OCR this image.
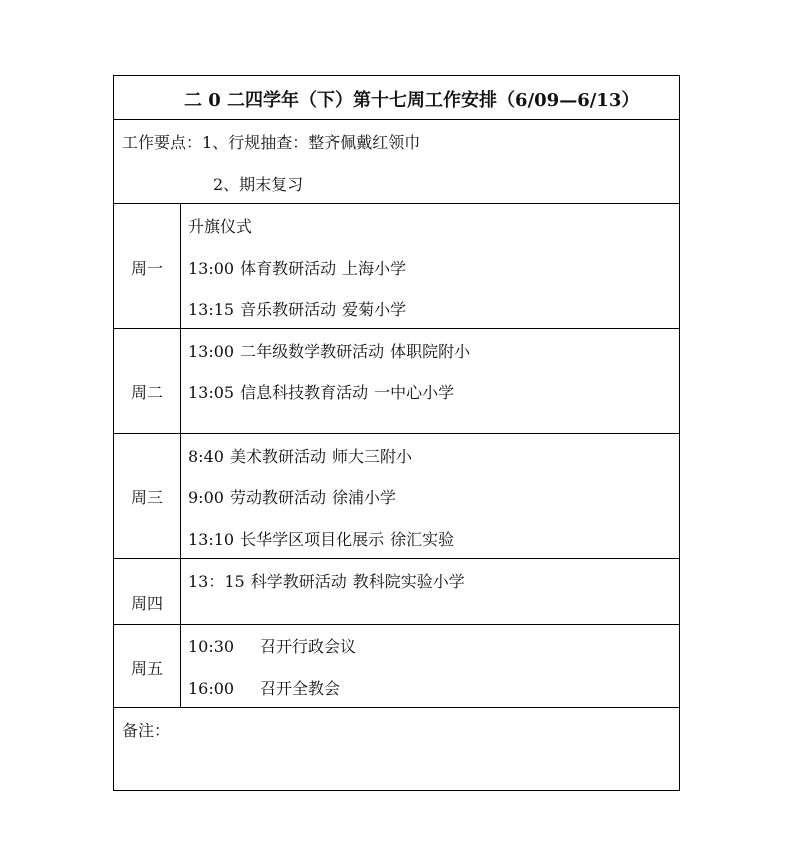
二 0 二四学年（下）第十七周工作安排（6/09—6/13）
工作要点：1、行规抽查：整齐佩戴红领巾
2、期末复习
周一
升旗仪式
13:00 体育教研活动 上海小学
13:15 音乐教研活动 爱菊小学
周二
13:00 二年级数学教研活动 体职院附小
13:05 信息科技教育活动 一中心小学
周三
8:40 美术教研活动 师大三附小
9:00 劳动教研活动 徐浦小学
13:10 长华学区项目化展示 徐汇实验
周四
13：15 科学教研活动 教科院实验小学
周五
10:30 召开行政会议
16:00 召开全教会
备注：
